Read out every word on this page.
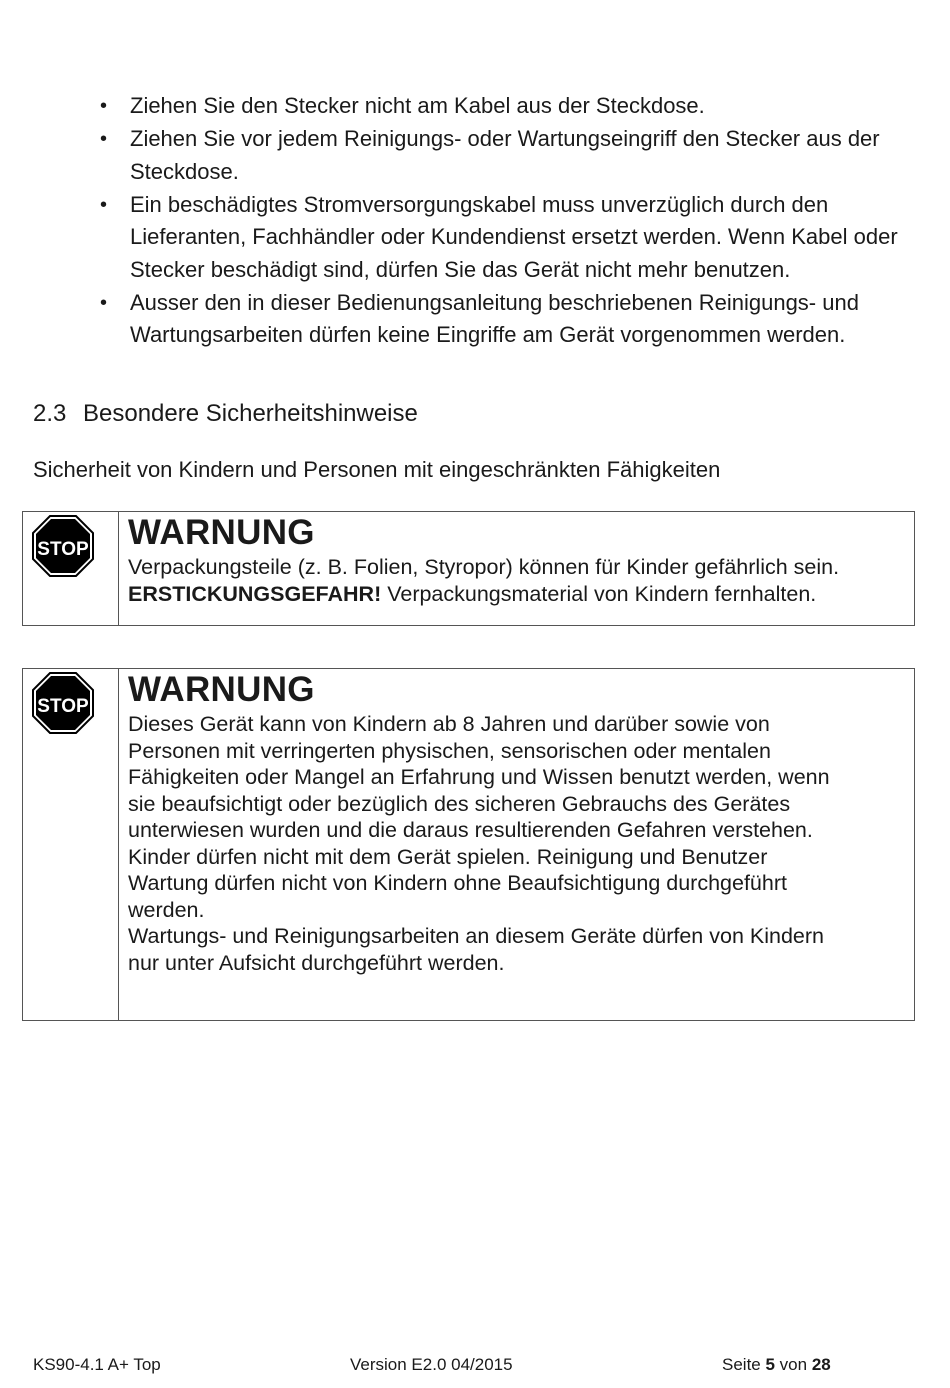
• Ziehen Sie den Stecker nicht am Kabel aus der Steckdose.
• Ziehen Sie vor jedem Reinigungs- oder Wartungseingriff den Stecker aus der Steckdose.
• Ein beschädigtes Stromversorgungskabel muss unverzüglich durch den Lieferanten, Fachhändler oder Kundendienst ersetzt werden. Wenn Kabel oder Stecker beschädigt sind, dürfen Sie das Gerät nicht mehr benutzen.
• Ausser den in dieser Bedienungsanleitung beschriebenen Reinigungs- und Wartungsarbeiten dürfen keine Eingriffe am Gerät vorgenommen werden.
2.3 Besondere Sicherheitshinweise

Sicherheit von Kindern und Personen mit eingeschränkten Fähigkeiten

STOP WARNUNG

Verpackungsteile (z. B. Folien, Styropor) können für Kinder gefährlich sein.
ERSTICKUNGSGEFAHR! Verpackungsmaterial von Kindern fernhalten.

STOP WARNUNG

Dieses Gerät kann von Kindern ab 8 Jahren und darüber sowie von
Personen mit verringerten physischen, sensorischen oder mentalen
Fähigkeiten oder Mangel an Erfahrung und Wissen benutzt werden, wenn
sie beaufsichtigt oder bezüglich des sicheren Gebrauchs des Gerätes
unterwiesen wurden und die daraus resultierenden Gefahren verstehen.
Kinder dürfen nicht mit dem Gerät spielen. Reinigung und Benutzer
Wartung dürfen nicht von Kindern ohne Beaufsichtigung durchgeführt
werden.
Wartungs- und Reinigungsarbeiten an diesem Geräte dürfen von Kindern
nur unter Aufsicht durchgeführt werden.

KS90-4.1 A+ Top	Version E2.0 04/2015	Seite 5 von 28
